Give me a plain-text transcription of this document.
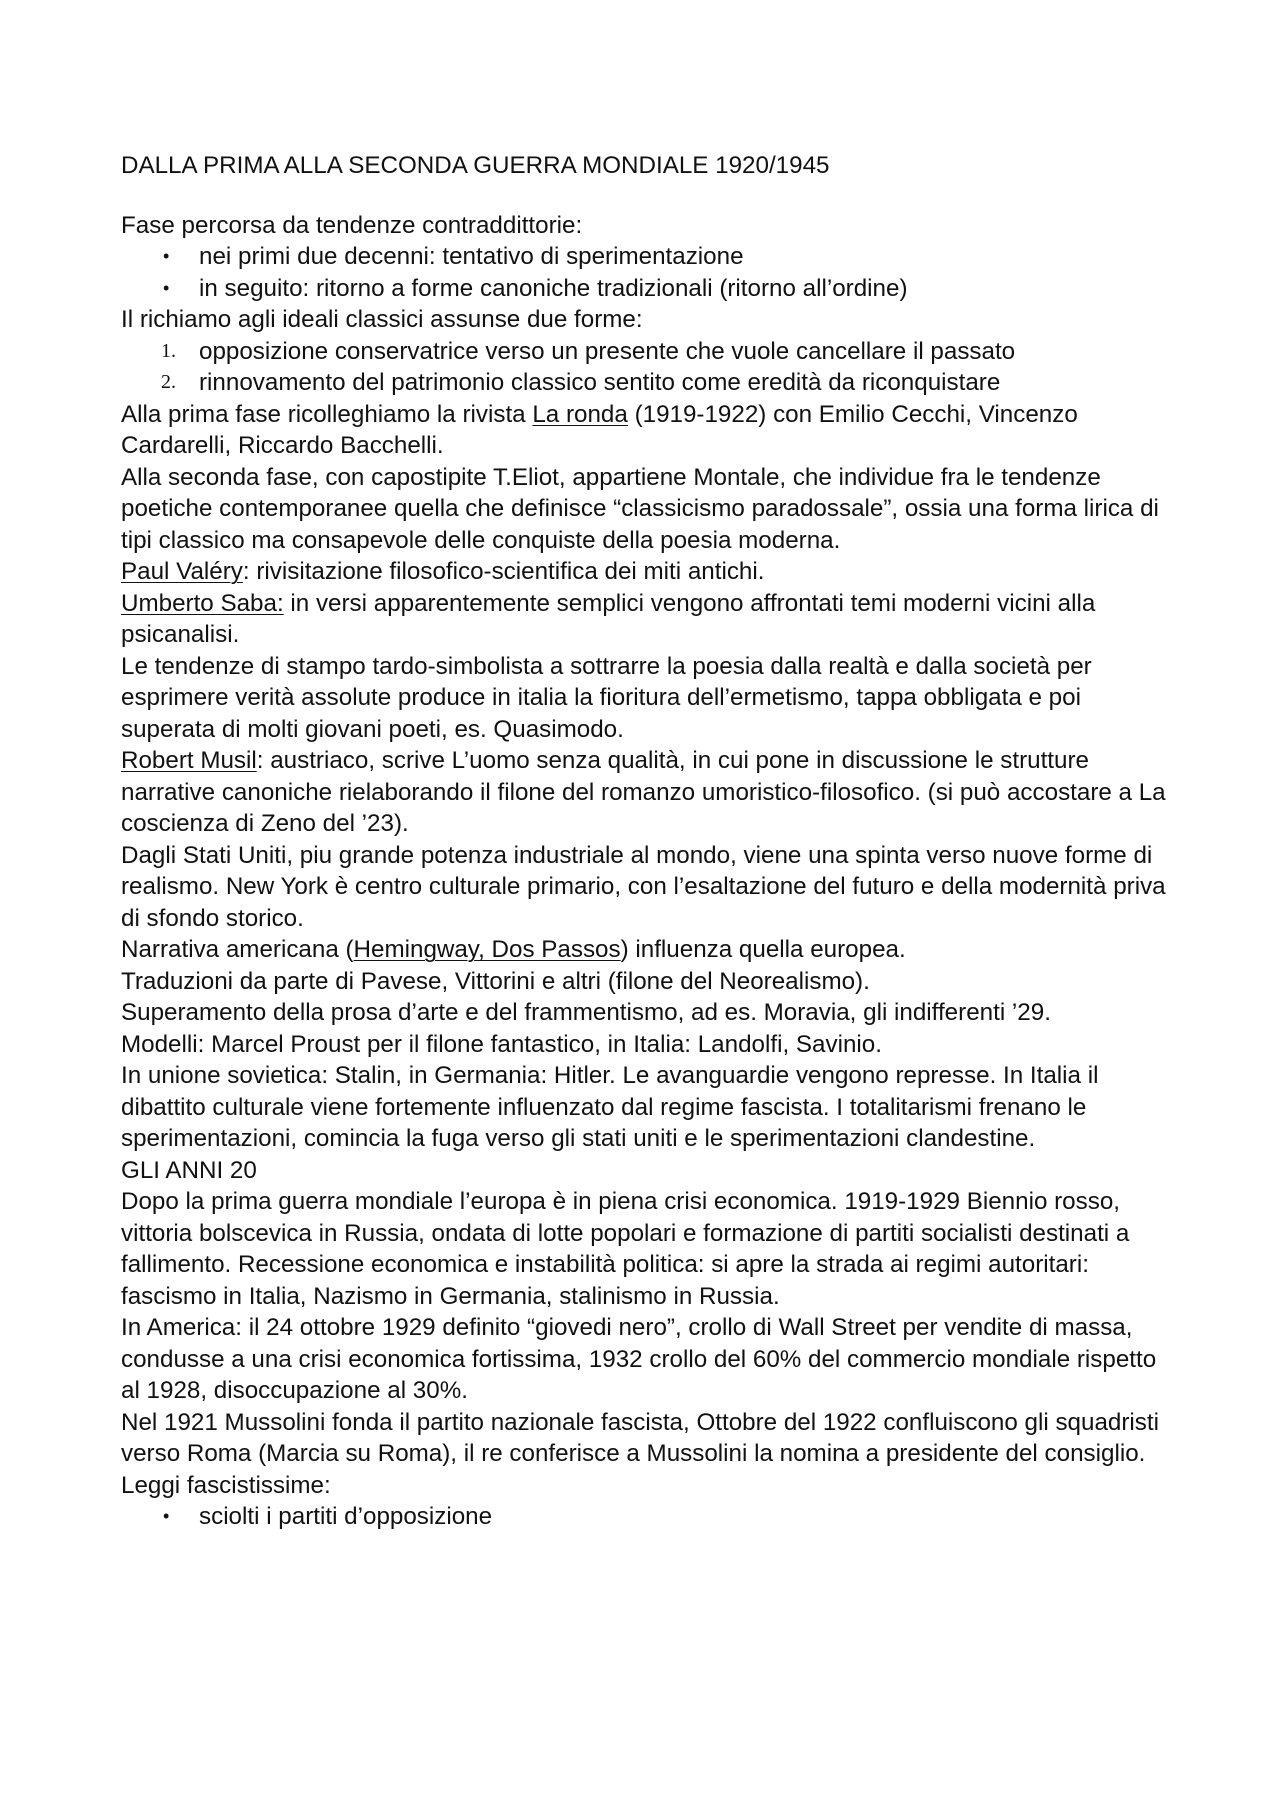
DALLA PRIMA ALLA SECONDA GUERRA MONDIALE 1920/1945

Fase percorsa da tendenze contraddittorie:

• nei primi due decenni: tentativo di sperimentazione
• in seguito: ritorno a forme canoniche tradizionali (ritorno all’ordine)

Il richiamo agli ideali classici assunse due forme:

1. opposizione conservatrice verso un presente che vuole cancellare il passato
2. rinnovamento del patrimonio classico sentito come eredità da riconquistare

Alla prima fase ricolleghiamo la rivista La ronda (1919-1922) con Emilio Cecchi, Vincenzo Cardarelli, Riccardo Bacchelli.

Alla seconda fase, con capostipite T.Eliot, appartiene Montale, che individue fra le tendenze poetiche contemporanee quella che definisce “classicismo paradossale”, ossia una forma lirica di tipi classico ma consapevole delle conquiste della poesia moderna.

Paul Valéry: rivisitazione filosofico-scientifica dei miti antichi.

Umberto Saba: in versi apparentemente semplici vengono affrontati temi moderni vicini alla psicanalisi.

Le tendenze di stampo tardo-simbolista a sottrarre la poesia dalla realtà e dalla società per esprimere verità assolute produce in italia la fioritura dell’ermetismo, tappa obbligata e poi superata di molti giovani poeti, es. Quasimodo.

Robert Musil: austriaco, scrive L’uomo senza qualità, in cui pone in discussione le strutture narrative canoniche rielaborando il filone del romanzo umoristico-filosofico. (si può accostare a La coscienza di Zeno del ’23).

Dagli Stati Uniti, piu grande potenza industriale al mondo, viene una spinta verso nuove forme di realismo. New York è centro culturale primario, con l’esaltazione del futuro e della modernità priva di sfondo storico.

Narrativa americana (Hemingway, Dos Passos) influenza quella europea.

Traduzioni da parte di Pavese, Vittorini e altri (filone del Neorealismo).

Superamento della prosa d’arte e del frammentismo, ad es. Moravia, gli indifferenti ’29.

Modelli: Marcel Proust per il filone fantastico, in Italia: Landolfi, Savinio.

In unione sovietica: Stalin, in Germania: Hitler. Le avanguardie vengono represse. In Italia il dibattito culturale viene fortemente influenzato dal regime fascista. I totalitarismi frenano le sperimentazioni, comincia la fuga verso gli stati uniti e le sperimentazioni clandestine.

GLI ANNI 20

Dopo la prima guerra mondiale l’europa è in piena crisi economica. 1919-1929 Biennio rosso, vittoria bolscevica in Russia, ondata di lotte popolari e formazione di partiti socialisti destinati a fallimento. Recessione economica e instabilità politica: si apre la strada ai regimi autoritari: fascismo in Italia, Nazismo in Germania, stalinismo in Russia.

In America: il 24 ottobre 1929 definito “giovedi nero”, crollo di Wall Street per vendite di massa, condusse a una crisi economica fortissima, 1932 crollo del 60% del commercio mondiale rispetto al 1928, disoccupazione al 30%.

Nel 1921 Mussolini fonda il partito nazionale fascista, Ottobre del 1922 confluiscono gli squadristi verso Roma (Marcia su Roma), il re conferisce a Mussolini la nomina a presidente del consiglio.

Leggi fascistissime:

• sciolti i partiti d’opposizione
